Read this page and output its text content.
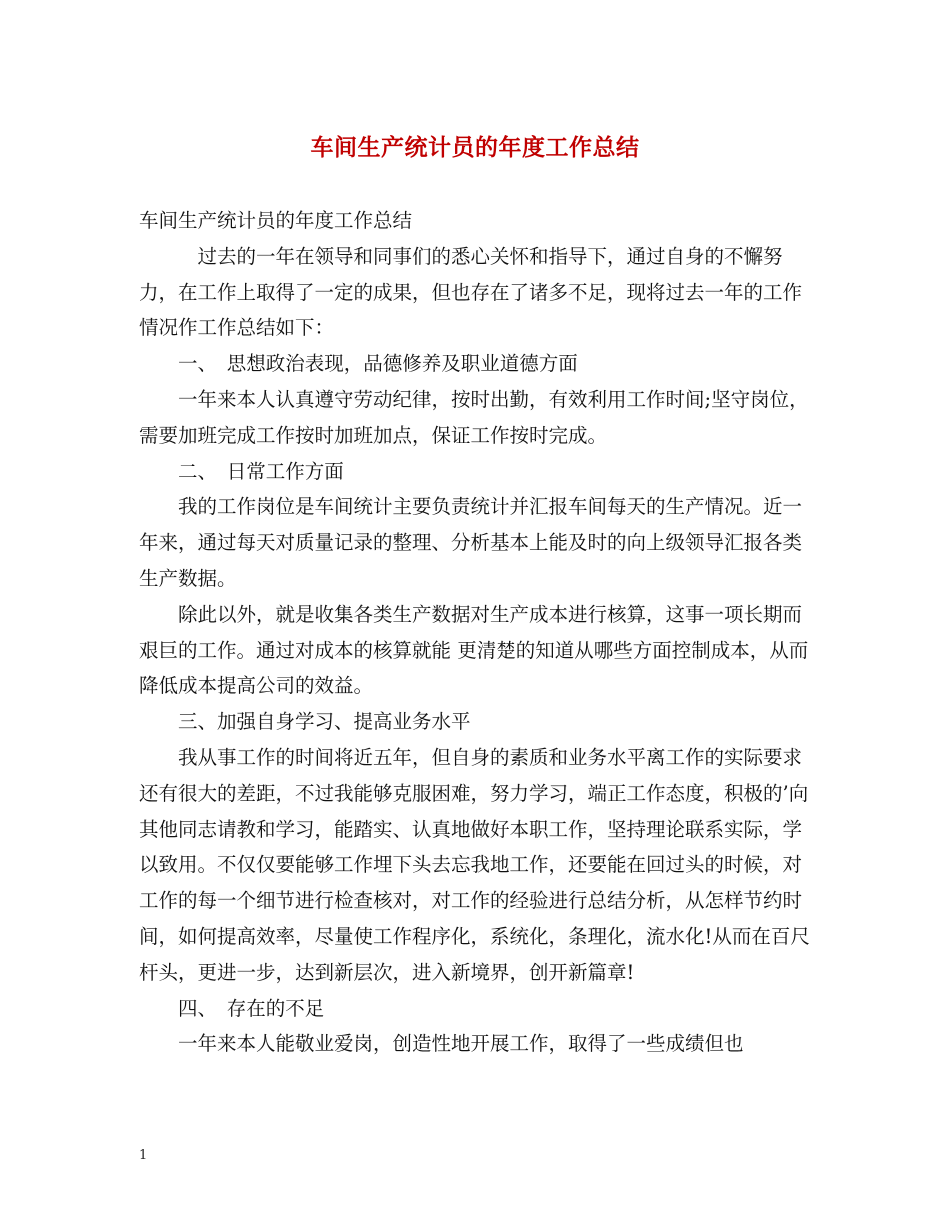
车间生产统计员的年度工作总结

车间生产统计员的年度工作总结

　　　过去的一年在领导和同事们的悉心关怀和指导下，通过自身的不懈努力，在工作上取得了一定的成果，但也存在了诸多不足，现将过去一年的工作情况作工作总结如下：

　　一、　思想政治表现，品德修养及职业道德方面

　　一年来本人认真遵守劳动纪律，按时出勤，有效利用工作时间;坚守岗位，需要加班完成工作按时加班加点，保证工作按时完成。

　　二、　日常工作方面

　　我的工作岗位是车间统计主要负责统计并汇报车间每天的生产情况。近一年来，通过每天对质量记录的整理、分析基本上能及时的向上级领导汇报各类生产数据。

　　除此以外，就是收集各类生产数据对生产成本进行核算，这事一项长期而艰巨的工作。通过对成本的核算就能 更清楚的知道从哪些方面控制成本，从而降低成本提高公司的效益。

　　三、加强自身学习、提高业务水平

　　我从事工作的时间将近五年，但自身的素质和业务水平离工作的实际要求还有很大的差距，不过我能够克服困难，努力学习，端正工作态度，积极的’向其他同志请教和学习，能踏实、认真地做好本职工作，坚持理论联系实际，学以致用。不仅仅要能够工作埋下头去忘我地工作，还要能在回过头的时候，对工作的每一个细节进行检查核对，对工作的经验进行总结分析，从怎样节约时间，如何提高效率，尽量使工作程序化，系统化，条理化，流水化!从而在百尺杆头，更进一步，达到新层次，进入新境界，创开新篇章!

　　四、　存在的不足

　　一年来本人能敬业爱岗，创造性地开展工作，取得了一些成绩但也

1
